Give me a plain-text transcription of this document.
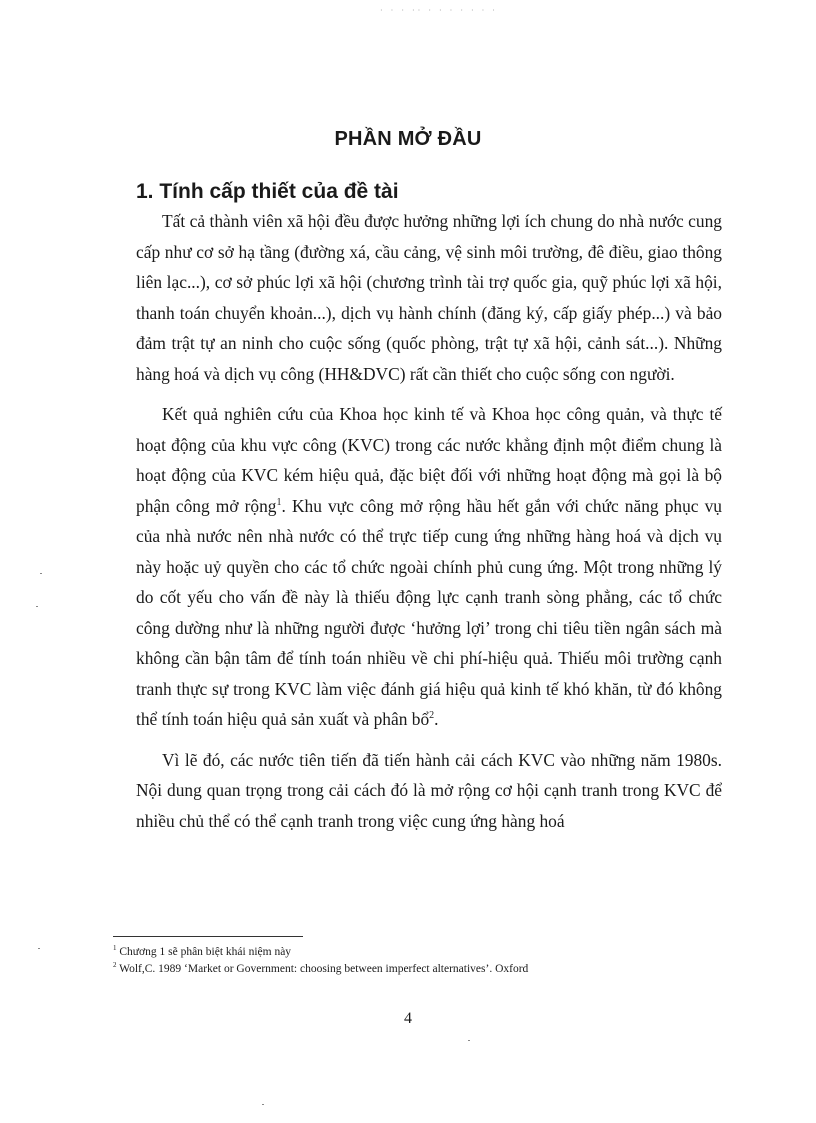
· · · ·· · · · · · · ·
PHẦN MỞ ĐẦU
1. Tính cấp thiết của đề tài

Tất cả thành viên xã hội đều được hưởng những lợi ích chung do nhà nước cung cấp như cơ sở hạ tầng (đường xá, cầu cảng, vệ sinh môi trường, đê điều, giao thông liên lạc...), cơ sở phúc lợi xã hội (chương trình tài trợ quốc gia, quỹ phúc lợi xã hội, thanh toán chuyển khoản...), dịch vụ hành chính (đăng ký, cấp giấy phép...) và bảo đảm trật tự an ninh cho cuộc sống (quốc phòng, trật tự xã hội, cảnh sát...). Những hàng hoá và dịch vụ công (HH&DVC) rất cần thiết cho cuộc sống con người.

Kết quả nghiên cứu của Khoa học kinh tế và Khoa học công quản, và thực tế hoạt động của khu vực công (KVC) trong các nước khẳng định một điểm chung là hoạt động của KVC kém hiệu quả, đặc biệt đối với những hoạt động mà gọi là bộ phận công mở rộng$^1$. Khu vực công mở rộng hầu hết gắn với chức năng phục vụ của nhà nước nên nhà nước có thể trực tiếp cung ứng những hàng hoá và dịch vụ này hoặc uỷ quyền cho các tổ chức ngoài chính phủ cung ứng. Một trong những lý do cốt yếu cho vấn đề này là thiếu động lực cạnh tranh sòng phẳng, các tổ chức công dường như là những người được ‘hưởng lợi’ trong chi tiêu tiền ngân sách mà không cần bận tâm để tính toán nhiều về chi phí-hiệu quả. Thiếu môi trường cạnh tranh thực sự trong KVC làm việc đánh giá hiệu quả kinh tế khó khăn, từ đó không thể tính toán hiệu quả sản xuất và phân bổ$^2$.

Vì lẽ đó, các nước tiên tiến đã tiến hành cải cách KVC vào những năm 1980s. Nội dung quan trọng trong cải cách đó là mở rộng cơ hội cạnh tranh trong KVC để nhiều chủ thể có thể cạnh tranh trong việc cung ứng hàng hoá

$^1$ Chương 1 sẽ phân biệt khái niệm này
$^2$ Wolf,C. 1989 ‘Market or Government: choosing between imperfect alternatives’. Oxford
4
